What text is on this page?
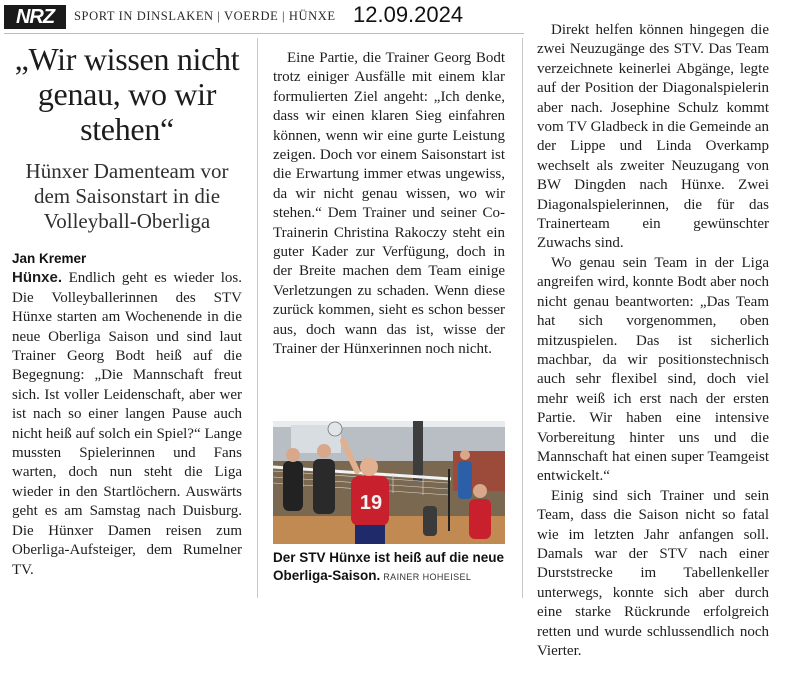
NRZ	SPORT IN DINSLAKEN | VOERDE | HÜNXE 12.09.2024
„Wir wissen nicht genau, wo wir stehen“
Hünxer Damenteam vor dem Saisonstart in die Volleyball-Oberliga
Jan Kremer

Hünxe. Endlich geht es wieder los. Die Volleyballerinnen des STV Hünxe starten am Wochenende in die neue Oberliga Saison und sind laut Trainer Georg Bodt heiß auf die Begegnung: „Die Mannschaft freut sich. Ist voller Leidenschaft, aber wer ist nach so einer langen Pause auch nicht heiß auf solch ein Spiel?“ Lange mussten Spielerinnen und Fans warten, doch nun steht die Liga wieder in den Startlöchern. Auswärts geht es am Samstag nach Duisburg. Die Hünxer Damen reisen zum Oberliga-Aufsteiger, dem Rumelner TV.

Eine Partie, die Trainer Georg Bodt trotz einiger Ausfälle mit einem klar formulierten Ziel angeht: „Ich denke, dass wir einen klaren Sieg einfahren können, wenn wir eine gurte Leistung zeigen. Doch vor einem Saisonstart ist die Erwartung immer etwas ungewiss, da wir nicht genau wissen, wo wir stehen.“ Dem Trainer und seiner Co-Trainerin Christina Rakoczy steht ein guter Kader zur Verfügung, doch in der Breite machen dem Team einige Verletzungen zu schaden. Wenn diese zurück kommen, sieht es schon besser aus, doch wann das ist, wisse der Trainer der Hünxerinnen noch nicht.

19
Der STV Hünxe ist heiß auf die neue Oberliga-Saison. RAINER HOHEISEL

Direkt helfen können hingegen die zwei Neuzugänge des STV. Das Team verzeichnete keinerlei Abgänge, legte auf der Position der Diagonalspielerin aber nach. Josephine Schulz kommt vom TV Gladbeck in die Gemeinde an der Lippe und Linda Overkamp wechselt als zweiter Neuzugang von BW Dingden nach Hünxe. Zwei Diagonalspielerinnen, die für das Trainerteam ein gewünschter Zuwachs sind.

Wo genau sein Team in der Liga angreifen wird, konnte Bodt aber noch nicht genau beantworten: „Das Team hat sich vorgenommen, oben mitzuspielen. Das ist sicherlich machbar, da wir positionstechnisch auch sehr flexibel sind, doch viel mehr weiß ich erst nach der ersten Partie. Wir haben eine intensive Vorbereitung hinter uns und die Mannschaft hat einen super Teamgeist entwickelt.“

Einig sind sich Trainer und sein Team, dass die Saison nicht so fatal wie im letzten Jahr anfangen soll. Damals war der STV nach einer Durststrecke im Tabellenkeller unterwegs, konnte sich aber durch eine starke Rückrunde erfolgreich retten und wurde schlussendlich noch Vierter.
